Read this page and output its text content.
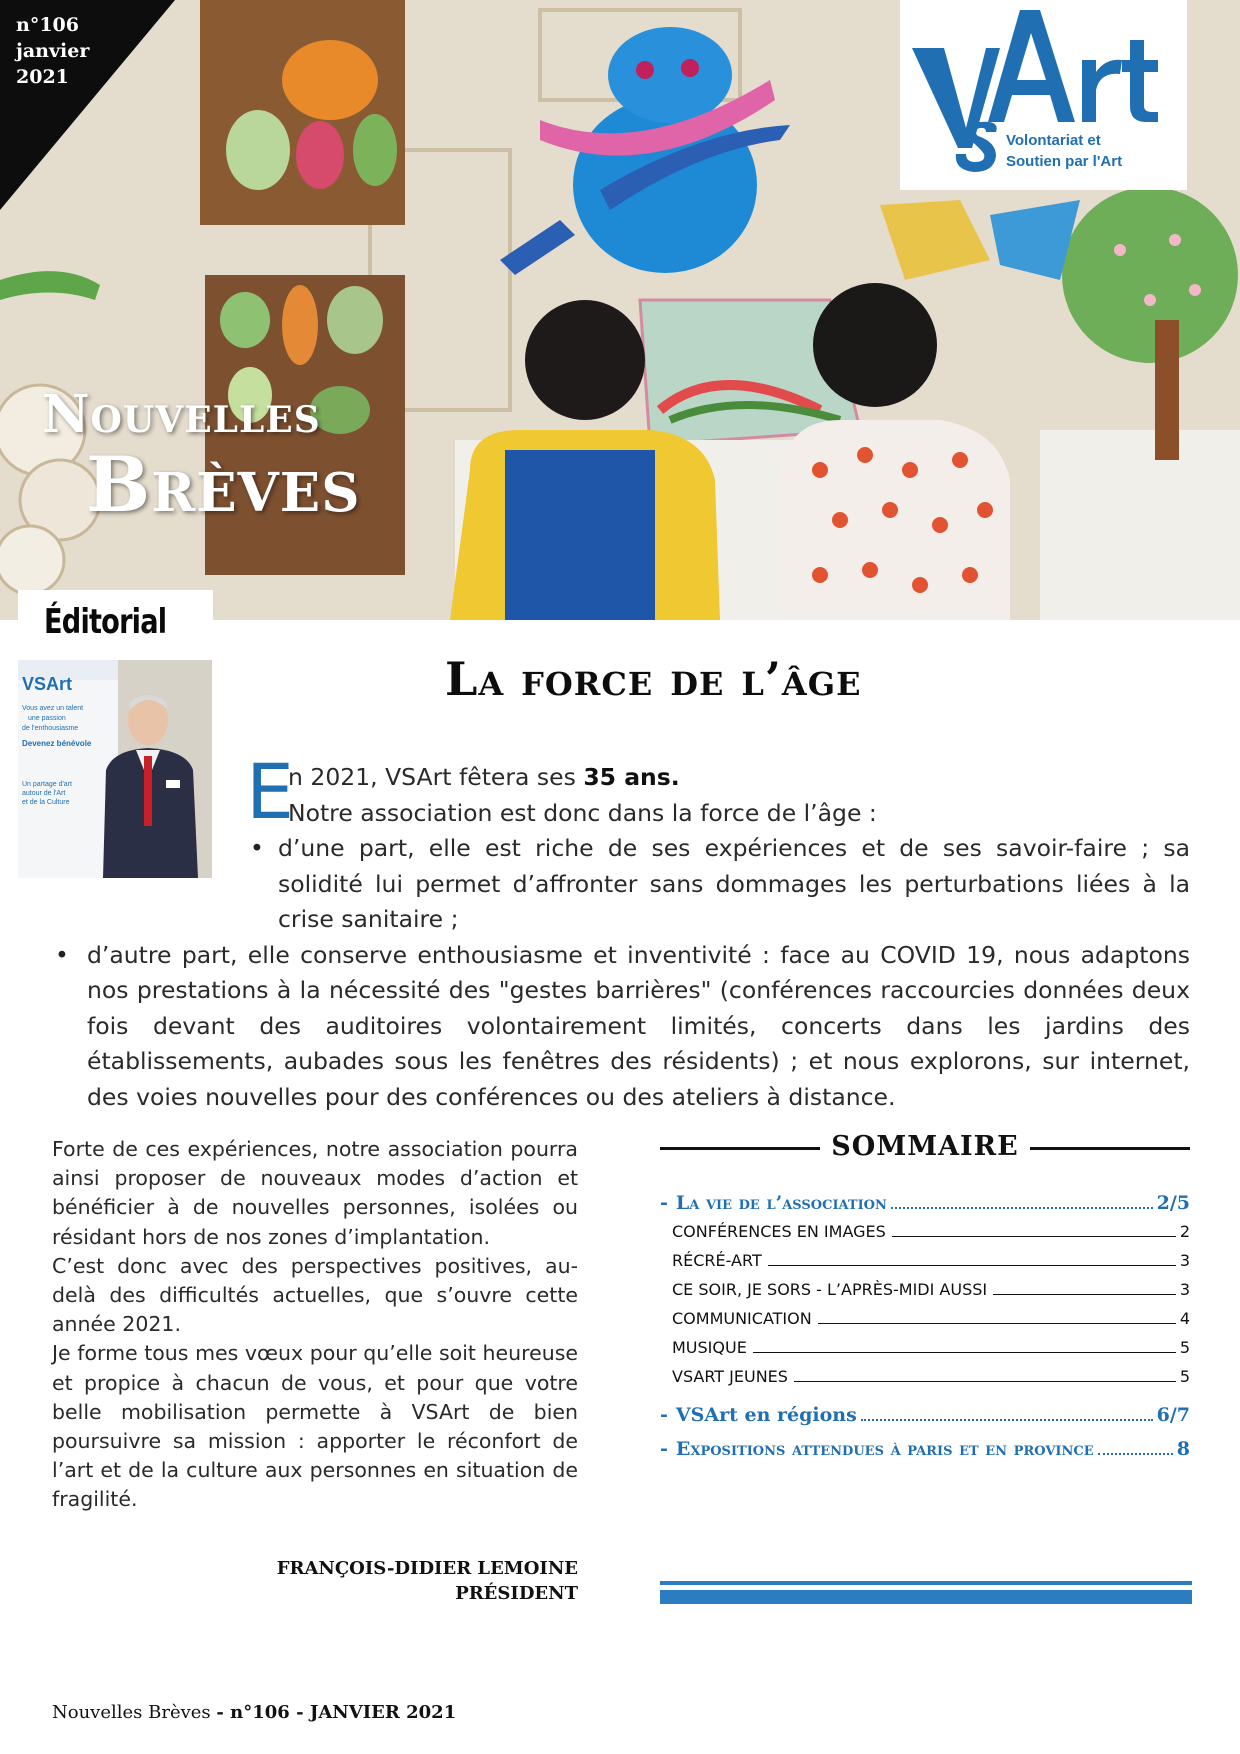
n°106
janvier
2021
Volontariat et
Soutien par l'Art
Nouvelles
Brèves
Éditorial
VSArt
Vous avez un talent
une passion
de l'enthousiasme
Devenez bénévole
Un partage d'art
autour de l'Art
et de la Culture
La force de l’âge
E

n 2021, VSArt fêtera ses 35 ans.

Notre association est donc dans la force de l’âge :

• d’une part, elle est riche de ses expériences et de ses savoir-faire ; sa solidité lui permet d’affronter sans dommages les perturbations liées à la crise sanitaire ;

• d’autre part, elle conserve enthousiasme et inventivité : face au COVID 19, nous adaptons nos prestations à la nécessité des "gestes barrières" (conférences raccourcies données deux fois devant des auditoires volontairement limités, concerts dans les jardins des établissements, aubades sous les fenêtres des résidents) ; et nous explorons, sur internet, des voies nouvelles pour des conférences ou des ateliers à distance.

Forte de ces expériences, notre association pourra ainsi proposer de nouveaux modes d’action et bénéficier à de nouvelles personnes, isolées ou résidant hors de nos zones d’implantation.

C’est donc avec des perspectives positives, au-delà des difficultés actuelles, que s’ouvre cette année 2021.

Je forme tous mes vœux pour qu’elle soit heureuse et propice à chacun de vous, et pour que votre belle mobilisation permette à VSArt de bien poursuivre sa mission : apporter le réconfort de l’art et de la culture aux personnes en situation de fragilité.

FRANÇOIS-DIDIER LEMOINE
PRÉSIDENT
SOMMAIRE
- La vie de l’association	2/5
CONFÉRENCES EN IMAGES	2
RÉCRÉ-ART	3
CE SOIR, JE SORS - L’APRÈS-MIDI AUSSI	3
COMMUNICATION	4
MUSIQUE	5
VSART JEUNES	5
- VSArt en régions	6/7
- Expositions attendues à paris et en province	8
Nouvelles Brèves - n°106 - JANVIER 2021
